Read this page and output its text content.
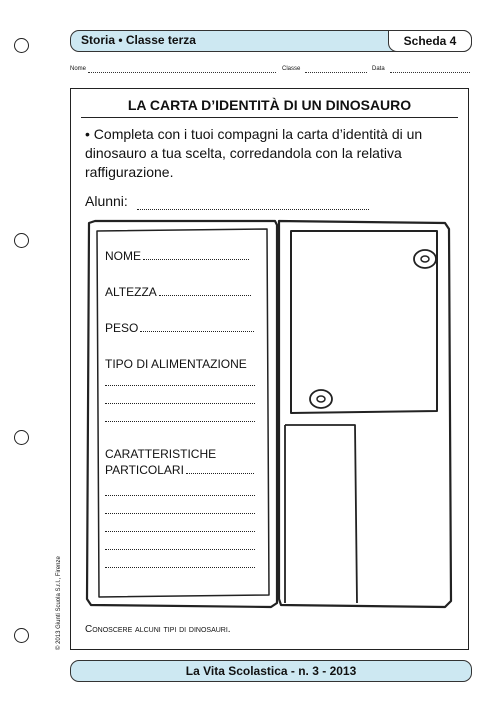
Storia • Classe terza	Scheda 4
Nome	Classe	Data
LA CARTA D’IDENTITÀ DI UN DINOSAURO
• Completa con i tuoi compagni la carta d’identità di un dinosauro a tua scelta, corredandola con la relativa raffigurazione.
Alunni:
NOME
ALTEZZA
PESO
TIPO DI ALIMENTAZIONE
CARATTERISTICHE
PARTICOLARI
Conoscere alcuni tipi di dinosauri.
La Vita Scolastica - n. 3 - 2013
© 2013 Giunti Scuola S.r.l., Firenze
